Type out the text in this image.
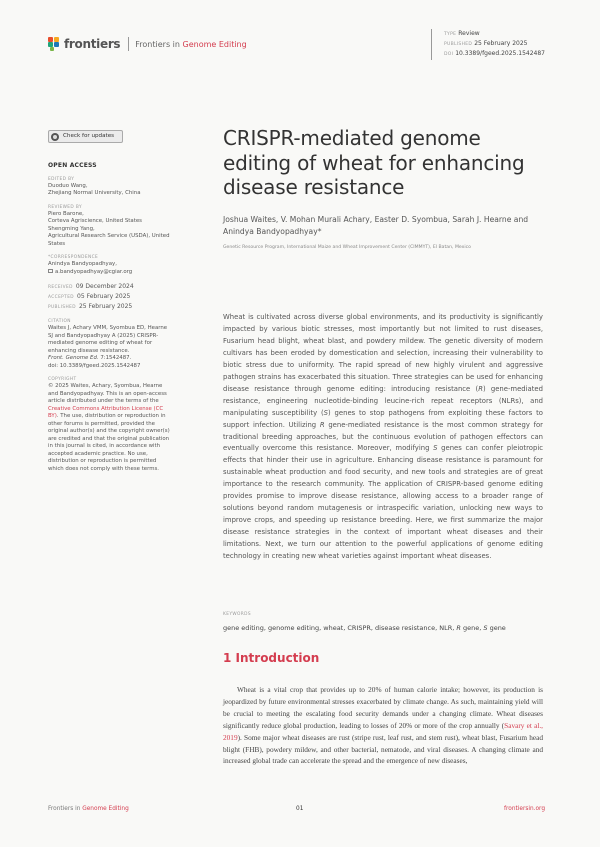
frontiers Frontiers in Genome Editing
TYPE Review
PUBLISHED 25 February 2025
DOI 10.3389/fgeed.2025.1542487
Check for updates
OPEN ACCESS
EDITED BY
Duoduo Wang,
Zhejiang Normal University, China
REVIEWED BY
Piero Barone,
Corteva Agriscience, United States
Shengming Yang,
Agricultural Research Service (USDA), United States
*CORRESPONDENCE
Anindya Bandyopadhyay,
a.bandyopadhyay@cgiar.org
RECEIVED 09 December 2024
ACCEPTED 05 February 2025
PUBLISHED 25 February 2025
CITATION
Waites J, Achary VMM, Syombua ED, Hearne SJ and Bandyopadhyay A (2025) CRISPR-mediated genome editing of wheat for enhancing disease resistance.
Front. Genome Ed. 7:1542487.
doi: 10.3389/fgeed.2025.1542487
COPYRIGHT
© 2025 Waites, Achary, Syombua, Hearne and Bandyopadhyay. This is an open-access article distributed under the terms of the Creative Commons Attribution License (CC BY). The use, distribution or reproduction in other forums is permitted, provided the original author(s) and the copyright owner(s) are credited and that the original publication in this journal is cited, in accordance with accepted academic practice. No use, distribution or reproduction is permitted which does not comply with these terms.
CRISPR-mediated genome editing of wheat for enhancing disease resistance
Joshua Waites, V. Mohan Murali Achary, Easter D. Syombua, Sarah J. Hearne and Anindya Bandyopadhyay*
Genetic Resource Program, International Maize and Wheat Improvement Center (CIMMYT), El Batan, Mexico
Wheat is cultivated across diverse global environments, and its productivity is significantly impacted by various biotic stresses, most importantly but not limited to rust diseases, Fusarium head blight, wheat blast, and powdery mildew. The genetic diversity of modern cultivars has been eroded by domestication and selection, increasing their vulnerability to biotic stress due to uniformity. The rapid spread of new highly virulent and aggressive pathogen strains has exacerbated this situation. Three strategies can be used for enhancing disease resistance through genome editing: introducing resistance (R) gene-mediated resistance, engineering nucleotide-binding leucine-rich repeat receptors (NLRs), and manipulating susceptibility (S) genes to stop pathogens from exploiting these factors to support infection. Utilizing R gene-mediated resistance is the most common strategy for traditional breeding approaches, but the continuous evolution of pathogen effectors can eventually overcome this resistance. Moreover, modifying S genes can confer pleiotropic effects that hinder their use in agriculture. Enhancing disease resistance is paramount for sustainable wheat production and food security, and new tools and strategies are of great importance to the research community. The application of CRISPR-based genome editing provides promise to improve disease resistance, allowing access to a broader range of solutions beyond random mutagenesis or intraspecific variation, unlocking new ways to improve crops, and speeding up resistance breeding. Here, we first summarize the major disease resistance strategies in the context of important wheat diseases and their limitations. Next, we turn our attention to the powerful applications of genome editing technology in creating new wheat varieties against important wheat diseases.
KEYWORDS
gene editing, genome editing, wheat, CRISPR, disease resistance, NLR, R gene, S gene
1 Introduction

Wheat is a vital crop that provides up to 20% of human calorie intake; however, its production is jeopardized by future environmental stresses exacerbated by climate change. As such, maintaining yield will be crucial to meeting the escalating food security demands under a changing climate. Wheat diseases significantly reduce global production, leading to losses of 20% or more of the crop annually (Savary et al., 2019). Some major wheat diseases are rust (stripe rust, leaf rust, and stem rust), wheat blast, Fusarium head blight (FHB), powdery mildew, and other bacterial, nematode, and viral diseases. A changing climate and increased global trade can accelerate the spread and the emergence of new diseases,

Frontiers in Genome Editing	01	frontiersin.org
